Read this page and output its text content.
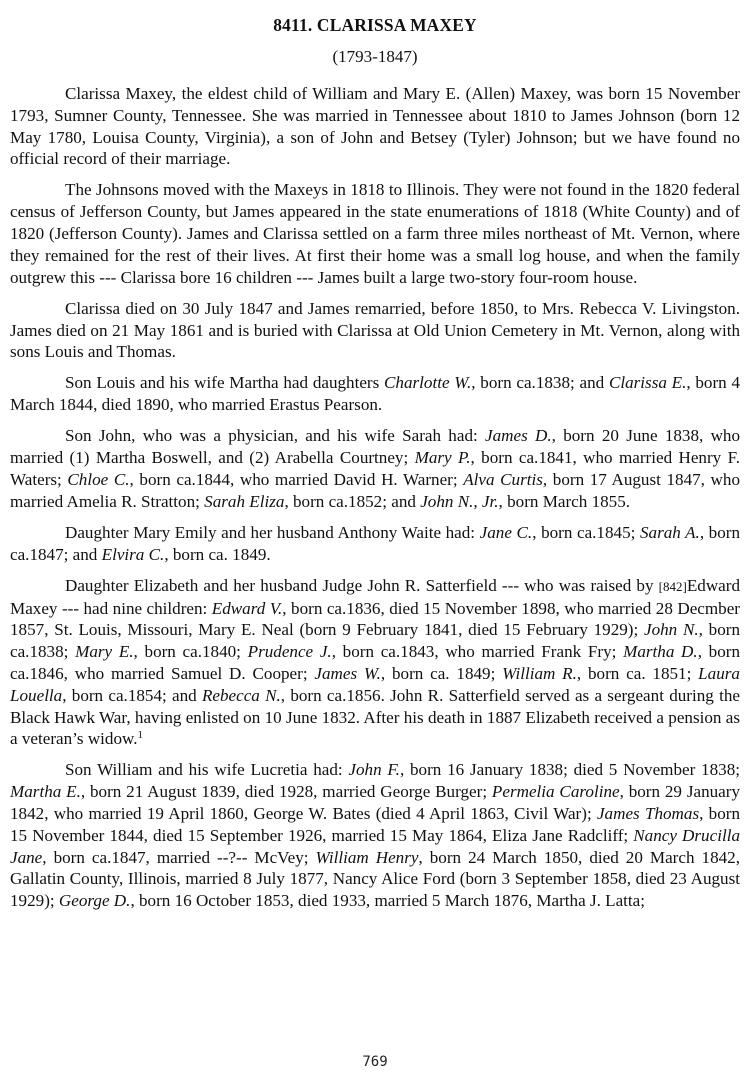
8411. CLARISSA MAXEY
(1793-1847)

Clarissa Maxey, the eldest child of William and Mary E. (Allen) Maxey, was born 15 November 1793, Sumner County, Tennessee. She was married in Tennessee about 1810 to James Johnson (born 12 May 1780, Louisa County, Virginia), a son of John and Betsey (Tyler) Johnson; but we have found no official record of their marriage.

The Johnsons moved with the Maxeys in 1818 to Illinois. They were not found in the 1820 federal census of Jefferson County, but James appeared in the state enumerations of 1818 (White County) and of 1820 (Jefferson County). James and Clarissa settled on a farm three miles northeast of Mt. Vernon, where they remained for the rest of their lives. At first their home was a small log house, and when the family outgrew this --- Clarissa bore 16 children --- James built a large two-story four-room house.

Clarissa died on 30 July 1847 and James remarried, before 1850, to Mrs. Rebecca V. Livingston. James died on 21 May 1861 and is buried with Clarissa at Old Union Cemetery in Mt. Vernon, along with sons Louis and Thomas.

Son Louis and his wife Martha had daughters Charlotte W., born ca.1838; and Clarissa E., born 4 March 1844, died 1890, who married Erastus Pearson.

Son John, who was a physician, and his wife Sarah had: James D., born 20 June 1838, who married (1) Martha Boswell, and (2) Arabella Courtney; Mary P., born ca.1841, who married Henry F. Waters; Chloe C., born ca.1844, who married David H. Warner; Alva Curtis, born 17 August 1847, who married Amelia R. Stratton; Sarah Eliza, born ca.1852; and John N., Jr., born March 1855.

Daughter Mary Emily and her husband Anthony Waite had: Jane C., born ca.1845; Sarah A., born ca.1847; and Elvira C., born ca. 1849.

Daughter Elizabeth and her husband Judge John R. Satterfield --- who was raised by [842]Edward Maxey --- had nine children: Edward V., born ca.1836, died 15 November 1898, who married 28 Decmber 1857, St. Louis, Missouri, Mary E. Neal (born 9 February 1841, died 15 February 1929); John N., born ca.1838; Mary E., born ca.1840; Prudence J., born ca.1843, who married Frank Fry; Martha D., born ca.1846, who married Samuel D. Cooper; James W., born ca. 1849; William R., born ca. 1851; Laura Louella, born ca.1854; and Rebecca N., born ca.1856. John R. Satterfield served as a sergeant during the Black Hawk War, having enlisted on 10 June 1832. After his death in 1887 Elizabeth received a pension as a veteran’s widow.$^1$

Son William and his wife Lucretia had: John F., born 16 January 1838; died 5 November 1838; Martha E., born 21 August 1839, died 1928, married George Burger; Permelia Caroline, born 29 January 1842, who married 19 April 1860, George W. Bates (died 4 April 1863, Civil War); James Thomas, born 15 November 1844, died 15 September 1926, married 15 May 1864, Eliza Jane Radcliff; Nancy Drucilla Jane, born ca.1847, married --?-- McVey; William Henry, born 24 March 1850, died 20 March 1842, Gallatin County, Illinois, married 8 July 1877, Nancy Alice Ford (born 3 September 1858, died 23 August 1929); George D., born 16 October 1853, died 1933, married 5 March 1876, Martha J. Latta;

769
